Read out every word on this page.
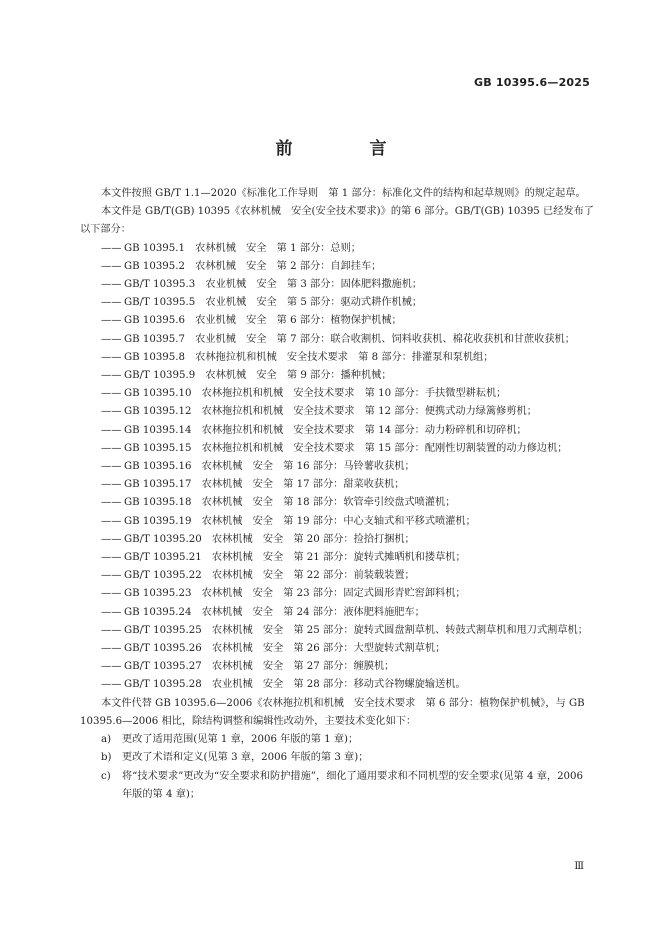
GB 10395.6—2025
前　言

本文件按照 GB/T 1.1—2020《标准化工作导则　第 1 部分：标准化文件的结构和起草规则》的规定起草。

本文件是 GB/T(GB) 10395《农林机械　安全(安全技术要求)》的第 6 部分。GB/T(GB) 10395 已经发布了以下部分：

—— GB 10395.1　农林机械　安全　第 1 部分：总则；
—— GB 10395.2　农林机械　安全　第 2 部分：自卸挂车；
—— GB/T 10395.3　农业机械　安全　第 3 部分：固体肥料撒施机；
—— GB/T 10395.5　农业机械　安全　第 5 部分：驱动式耕作机械；
—— GB 10395.6　农业机械　安全　第 6 部分：植物保护机械；
—— GB 10395.7　农业机械　安全　第 7 部分：联合收割机、饲料收获机、棉花收获机和甘蔗收获机；
—— GB 10395.8　农林拖拉机和机械　安全技术要求　第 8 部分：排灌泵和泵机组；
—— GB/T 10395.9　农林机械　安全　第 9 部分：播种机械；
—— GB 10395.10　农林拖拉机和机械　安全技术要求　第 10 部分：手扶微型耕耘机；
—— GB 10395.12　农林拖拉机和机械　安全技术要求　第 12 部分：便携式动力绿篱修剪机；
—— GB 10395.14　农林拖拉机和机械　安全技术要求　第 14 部分：动力粉碎机和切碎机；
—— GB 10395.15　农林拖拉机和机械　安全技术要求　第 15 部分：配刚性切割装置的动力修边机；
—— GB 10395.16　农林机械　安全　第 16 部分：马铃薯收获机；
—— GB 10395.17　农林机械　安全　第 17 部分：甜菜收获机；
—— GB 10395.18　农林机械　安全　第 18 部分：软管牵引绞盘式喷灌机；
—— GB 10395.19　农林机械　安全　第 19 部分：中心支轴式和平移式喷灌机；
—— GB/T 10395.20　农林机械　安全　第 20 部分：捡拾打捆机；
—— GB/T 10395.21　农林机械　安全　第 21 部分：旋转式摊晒机和搂草机；
—— GB/T 10395.22　农林机械　安全　第 22 部分：前装载装置；
—— GB 10395.23　农林机械　安全　第 23 部分：固定式圆形青贮窖卸料机；
—— GB 10395.24　农林机械　安全　第 24 部分：液体肥料施肥车；
—— GB/T 10395.25　农林机械　安全　第 25 部分：旋转式圆盘割草机、转鼓式割草机和甩刀式割草机；
—— GB/T 10395.26　农林机械　安全　第 26 部分：大型旋转式割草机；
—— GB/T 10395.27　农林机械　安全　第 27 部分：缠膜机；
—— GB/T 10395.28　农业机械　安全　第 28 部分：移动式谷物螺旋输送机。

本文件代替 GB 10395.6—2006《农林拖拉机和机械　安全技术要求　第 6 部分：植物保护机械》，与 GB 10395.6—2006 相比，除结构调整和编辑性改动外，主要技术变化如下：

a) 更改了适用范围(见第 1 章，2006 年版的第 1 章)；
b) 更改了术语和定义(见第 3 章，2006 年版的第 3 章)；
c) 将“技术要求”更改为“安全要求和防护措施”，细化了通用要求和不同机型的安全要求(见第 4 章，2006 年版的第 4 章)；
Ⅲ
